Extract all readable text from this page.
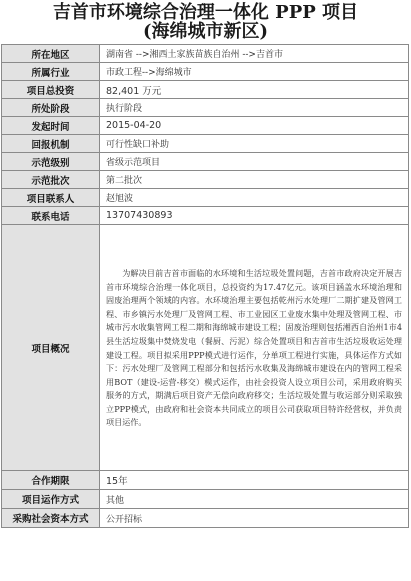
吉首市环境综合治理一体化 PPP 项目
(海绵城市新区)
所在地区	湖南省 -->湘西土家族苗族自治州 -->吉首市
所属行业	市政工程-->海绵城市
项目总投资	82,401 万元
所处阶段	执行阶段
发起时间	2015-04-20
回报机制	可行性缺口补助
示范级别	省级示范项目
示范批次	第二批次
项目联系人	赵旭波
联系电话	13707430893
项目概况	为解决目前吉首市面临的水环境和生活垃圾处置问题，吉首市政府决定开展吉首市环境综合治理一体化项目，总投资约为17.47亿元。该项目涵盖水环境治理和固废治理两个领域的内容。水环境治理主要包括乾州污水处理厂二期扩建及管网工程、市乡镇污水处理厂及管网工程、市工业园区工业废水集中处理及管网工程、市城市污水收集管网工程二期和海绵城市建设工程；固废治理则包括湘西自治州1市4县生活垃圾集中焚烧发电（餐厨、污泥）综合处置项目和吉首市生活垃圾收运处理建设工程。项目拟采用PPP模式进行运作，分单项工程进行实施，具体运作方式如下：污水处理厂及管网工程部分和包括污水收集及海绵城市建设在内的管网工程采用BOT（建设-运营-移交）模式运作，由社会投资人设立项目公司，采用政府购买服务的方式，期满后项目资产无偿向政府移交；生活垃圾处置与收运部分则采取独立PPP模式，由政府和社会资本共同成立的项目公司获取项目特许经营权，并负责项目运作。
合作期限	15年
项目运作方式	其他
采购社会资本方式	公开招标
